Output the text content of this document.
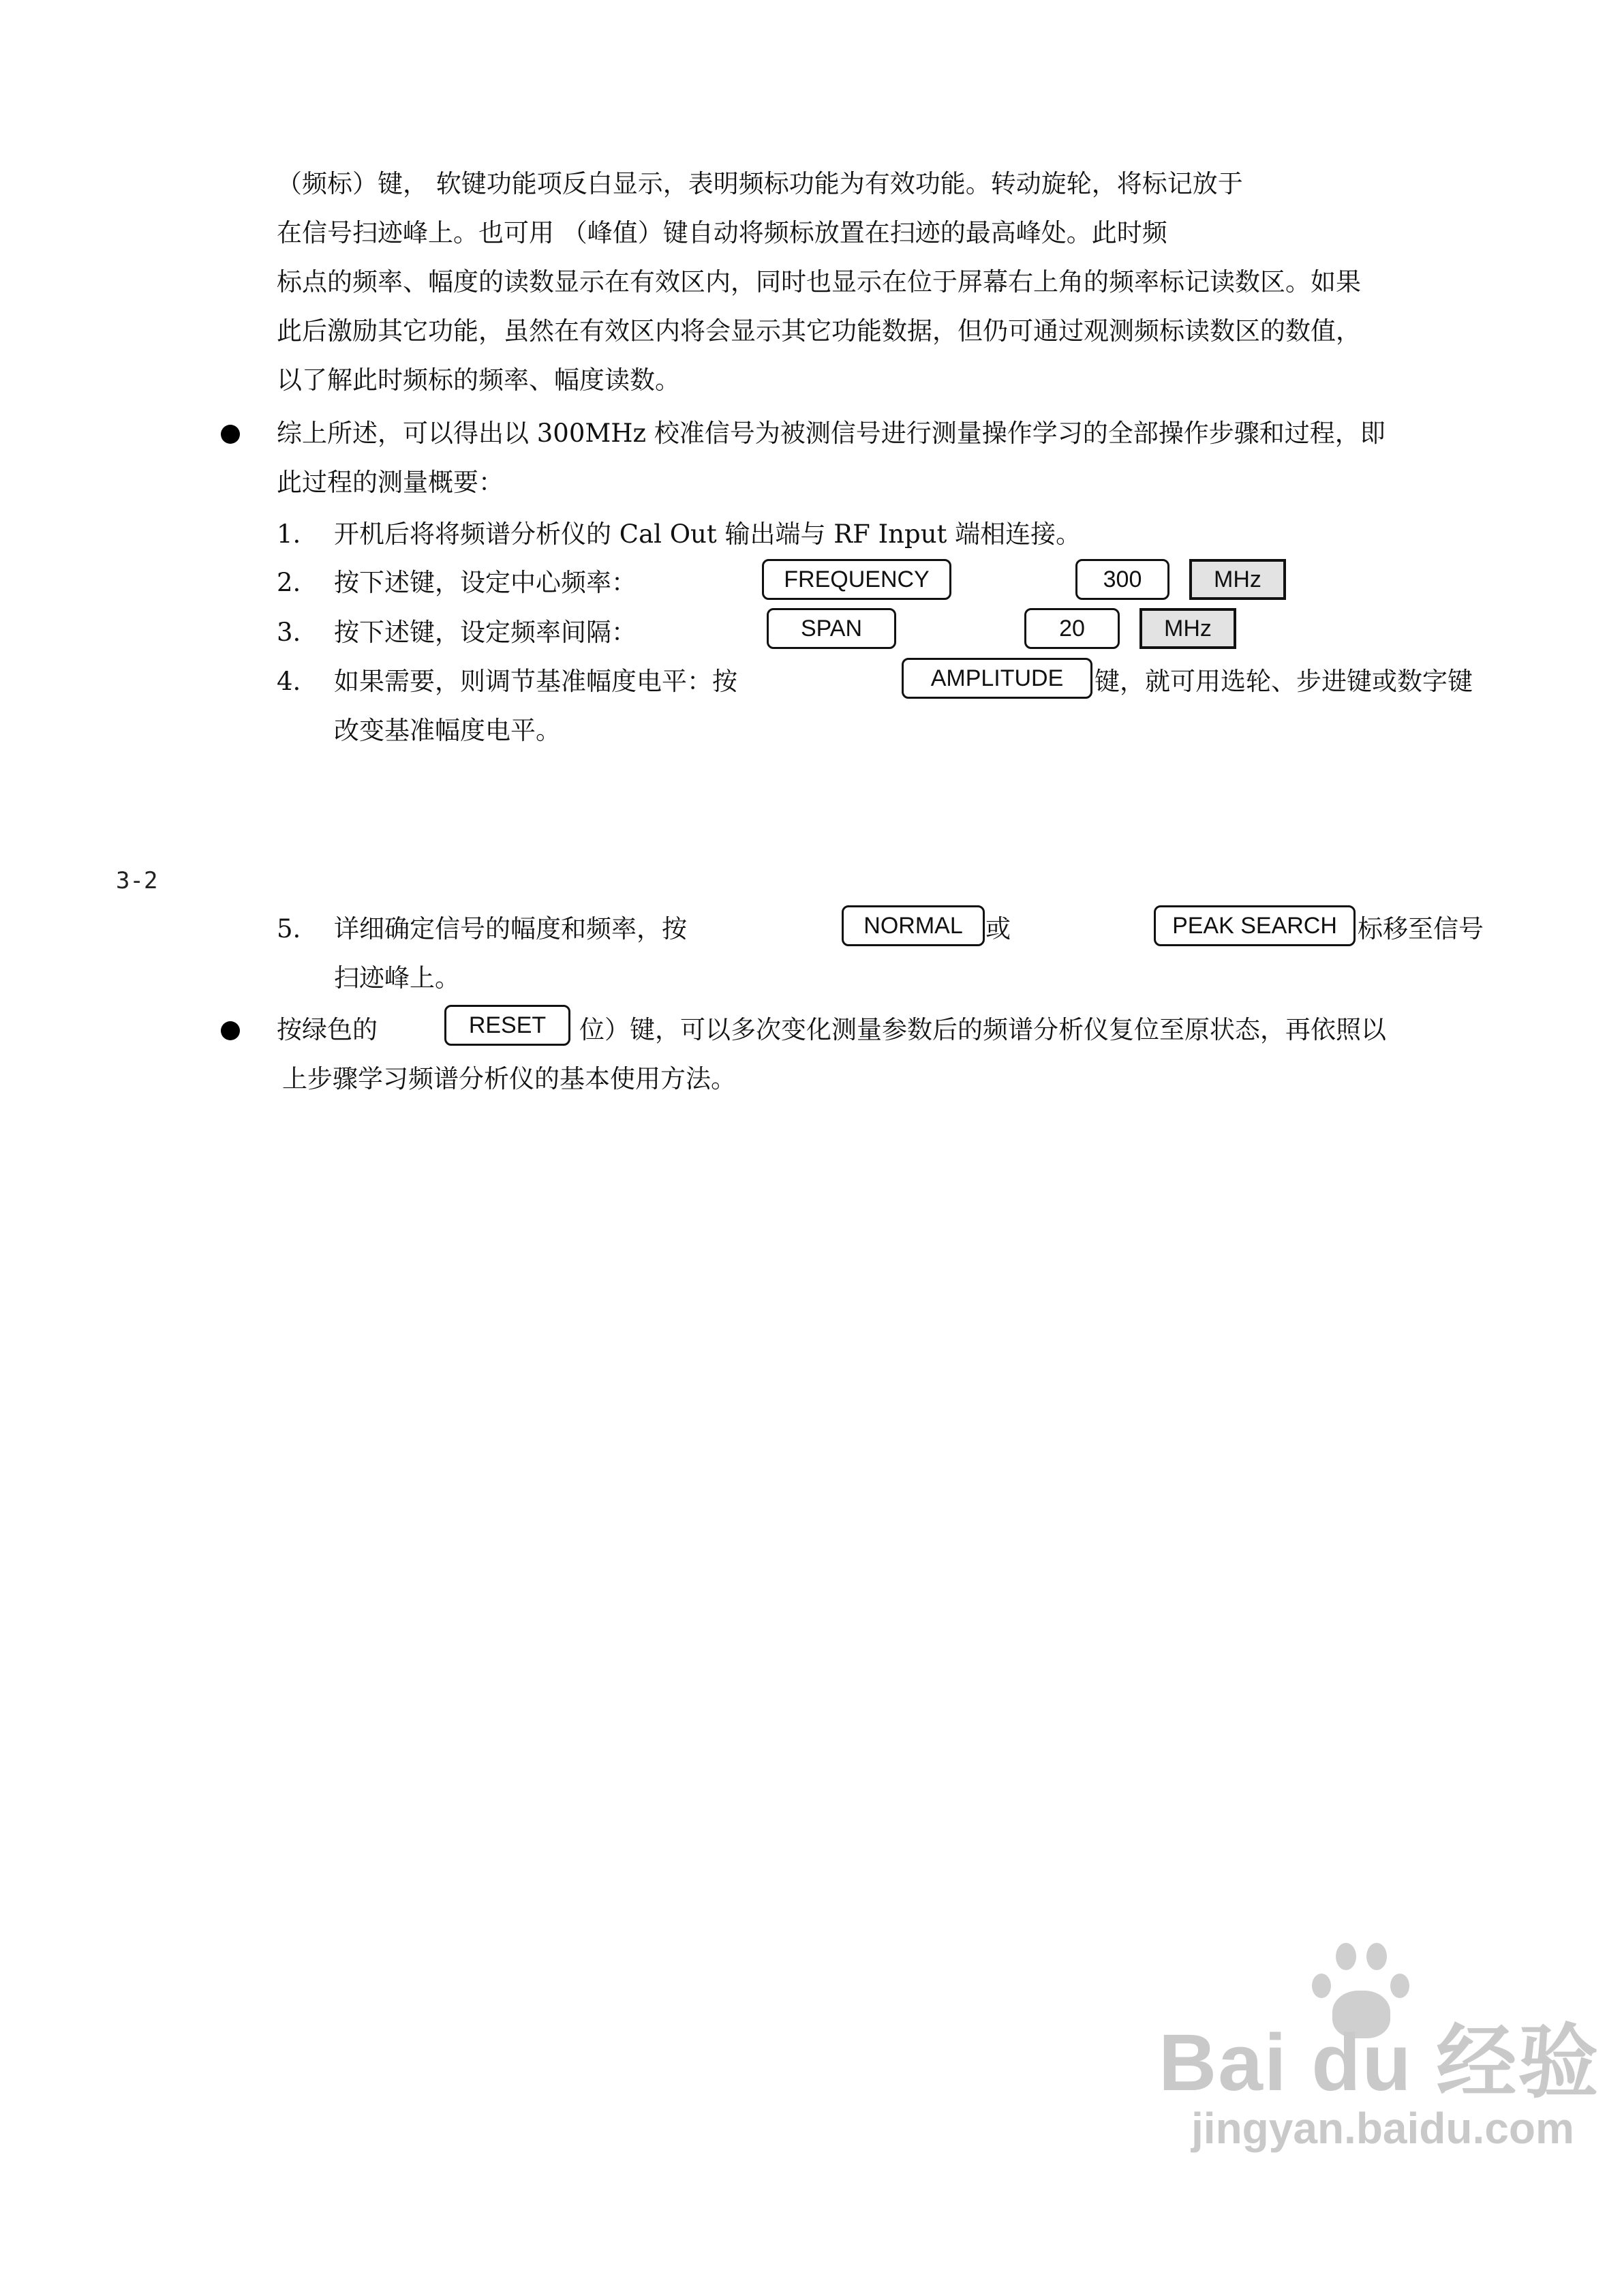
（频标）键， 软键功能项反白显示，表明频标功能为有效功能。转动旋轮，将标记放于
在信号扫迹峰上。也可用 （峰值）键自动将频标放置在扫迹的最高峰处。此时频
标点的频率、幅度的读数显示在有效区内，同时也显示在位于屏幕右上角的频率标记读数区。如果
此后激励其它功能，虽然在有效区内将会显示其它功能数据，但仍可通过观测频标读数区的数值，
以了解此时频标的频率、幅度读数。
综上所述，可以得出以 300MHz 校准信号为被测信号进行测量操作学习的全部操作步骤和过程，即
此过程的测量概要：
1. 开机后将将频谱分析仪的 Cal Out 输出端与 RF Input 端相连接。
2. 按下述键，设定中心频率：	FREQUENCY	300	MHz
3. 按下述键，设定频率间隔：	SPAN	20	MHz
4. 如果需要，则调节基准幅度电平：按	AMPLITUDE	键，就可用选轮、步进键或数字键
改变基准幅度电平。
3-2
5. 详细确定信号的幅度和频率，按	NORMAL 或	PEAK SEARCH 标移至信号
扫迹峰上。
按绿色的	RESET	位）键，可以多次变化测量参数后的频谱分析仪复位至原状态，再依照以
上步骤学习频谱分析仪的基本使用方法。
Bai du 经验
jingyan.baidu.com
